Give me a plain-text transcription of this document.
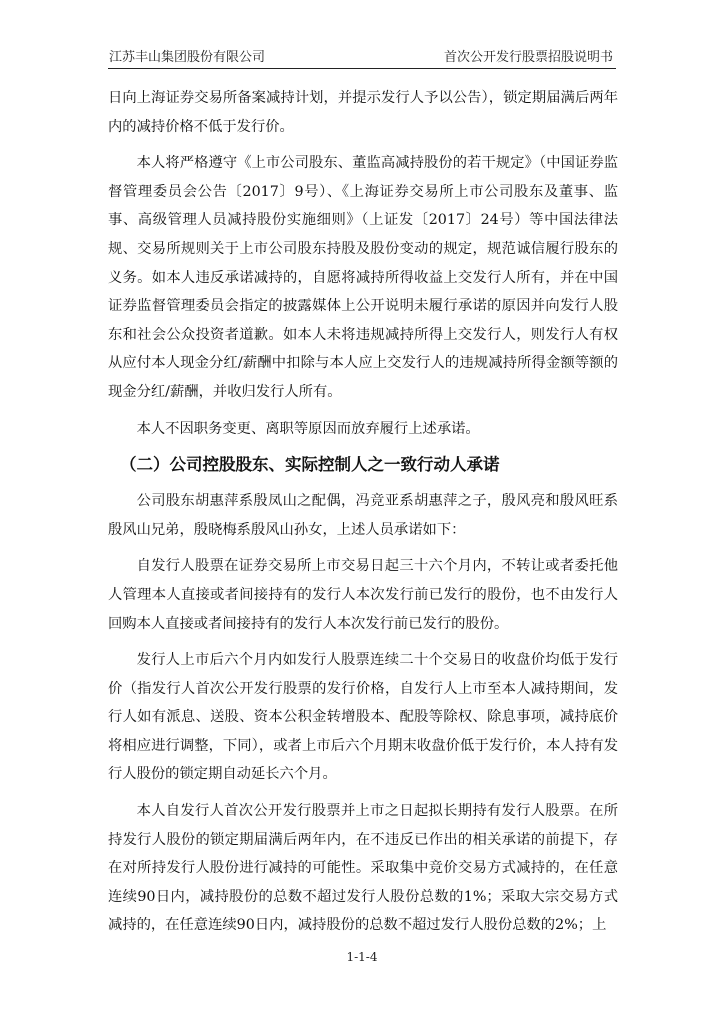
江苏丰山集团股份有限公司	首次公开发行股票招股说明书

日向上海证券交易所备案减持计划，并提示发行人予以公告），锁定期届满后两年内的减持价格不低于发行价。

本人将严格遵守《上市公司股东、董监高减持股份的若干规定》（中国证券监督管理委员会公告〔2017〕9号）、《上海证券交易所上市公司股东及董事、监事、高级管理人员减持股份实施细则》（上证发〔2017〕24号）等中国法律法规、交易所规则关于上市公司股东持股及股份变动的规定，规范诚信履行股东的义务。如本人违反承诺减持的，自愿将减持所得收益上交发行人所有，并在中国证券监督管理委员会指定的披露媒体上公开说明未履行承诺的原因并向发行人股东和社会公众投资者道歉。如本人未将违规减持所得上交发行人，则发行人有权从应付本人现金分红/薪酬中扣除与本人应上交发行人的违规减持所得金额等额的现金分红/薪酬，并收归发行人所有。

本人不因职务变更、离职等原因而放弃履行上述承诺。

（二）公司控股股东、实际控制人之一致行动人承诺

公司股东胡惠萍系殷凤山之配偶，冯竞亚系胡惠萍之子，殷风亮和殷风旺系殷风山兄弟，殷晓梅系殷风山孙女，上述人员承诺如下：

自发行人股票在证券交易所上市交易日起三十六个月内，不转让或者委托他人管理本人直接或者间接持有的发行人本次发行前已发行的股份，也不由发行人回购本人直接或者间接持有的发行人本次发行前已发行的股份。

发行人上市后六个月内如发行人股票连续二十个交易日的收盘价均低于发行价（指发行人首次公开发行股票的发行价格，自发行人上市至本人减持期间，发行人如有派息、送股、资本公积金转增股本、配股等除权、除息事项，减持底价将相应进行调整，下同），或者上市后六个月期末收盘价低于发行价，本人持有发行人股份的锁定期自动延长六个月。

本人自发行人首次公开发行股票并上市之日起拟长期持有发行人股票。在所持发行人股份的锁定期届满后两年内，在不违反已作出的相关承诺的前提下，存在对所持发行人股份进行减持的可能性。采取集中竞价交易方式减持的，在任意连续90日内，减持股份的总数不超过发行人股份总数的1%；采取大宗交易方式减持的，在任意连续90日内，减持股份的总数不超过发行人股份总数的2%；上

1-1-4
